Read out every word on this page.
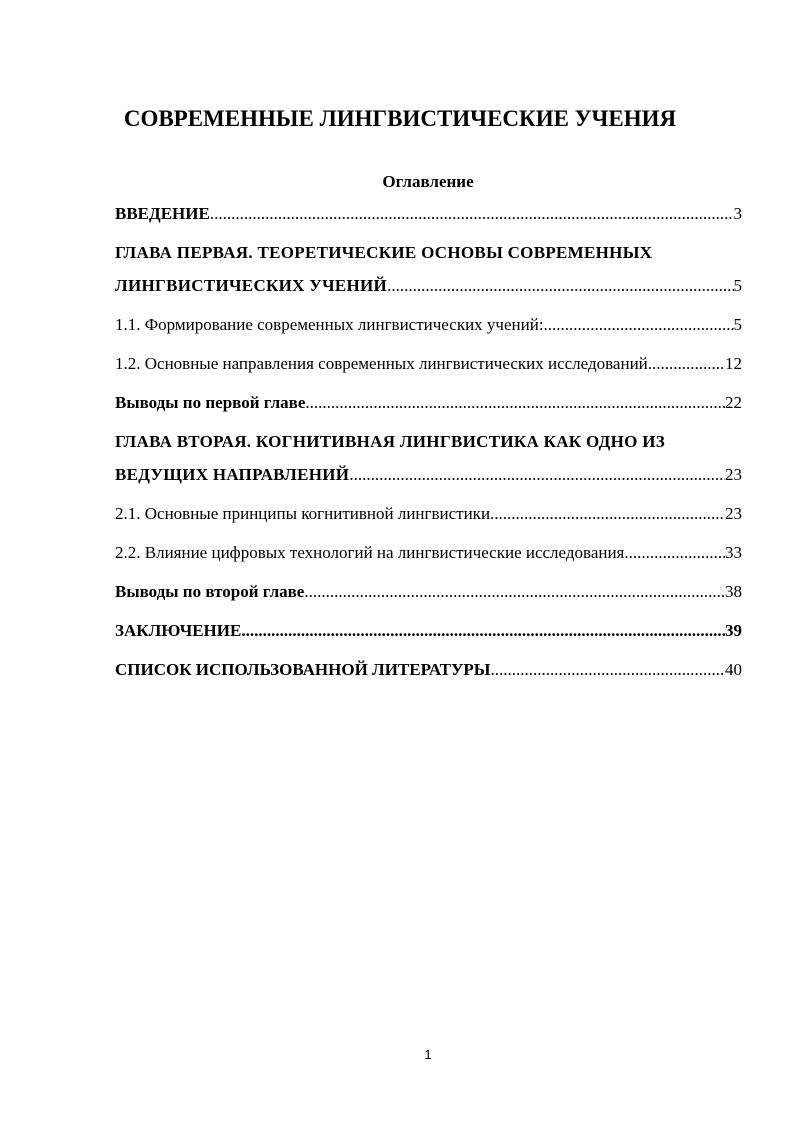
СОВРЕМЕННЫЕ ЛИНГВИСТИЧЕСКИЕ УЧЕНИЯ
Оглавление
ВВЕДЕНИЕ .....	3
ГЛАВА ПЕРВАЯ. ТЕОРЕТИЧЕСКИЕ ОСНОВЫ СОВРЕМЕННЫХ
ЛИНГВИСТИЧЕСКИХ УЧЕНИЙ .....	5
1.1. Формирование современных лингвистических учений: .....	5
1.2. Основные направления современных лингвистических исследований .....	12
Выводы по первой главе .....	22
ГЛАВА ВТОРАЯ. КОГНИТИВНАЯ ЛИНГВИСТИКА КАК ОДНО ИЗ
ВЕДУЩИХ НАПРАВЛЕНИЙ .....	23
2.1. Основные принципы когнитивной лингвистики .....	23
2.2. Влияние цифровых технологий на лингвистические исследования .....	33
Выводы по второй главе .....	38
ЗАКЛЮЧЕНИЕ .....	39
СПИСОК ИСПОЛЬЗОВАННОЙ ЛИТЕРАТУРЫ .....	40
1
